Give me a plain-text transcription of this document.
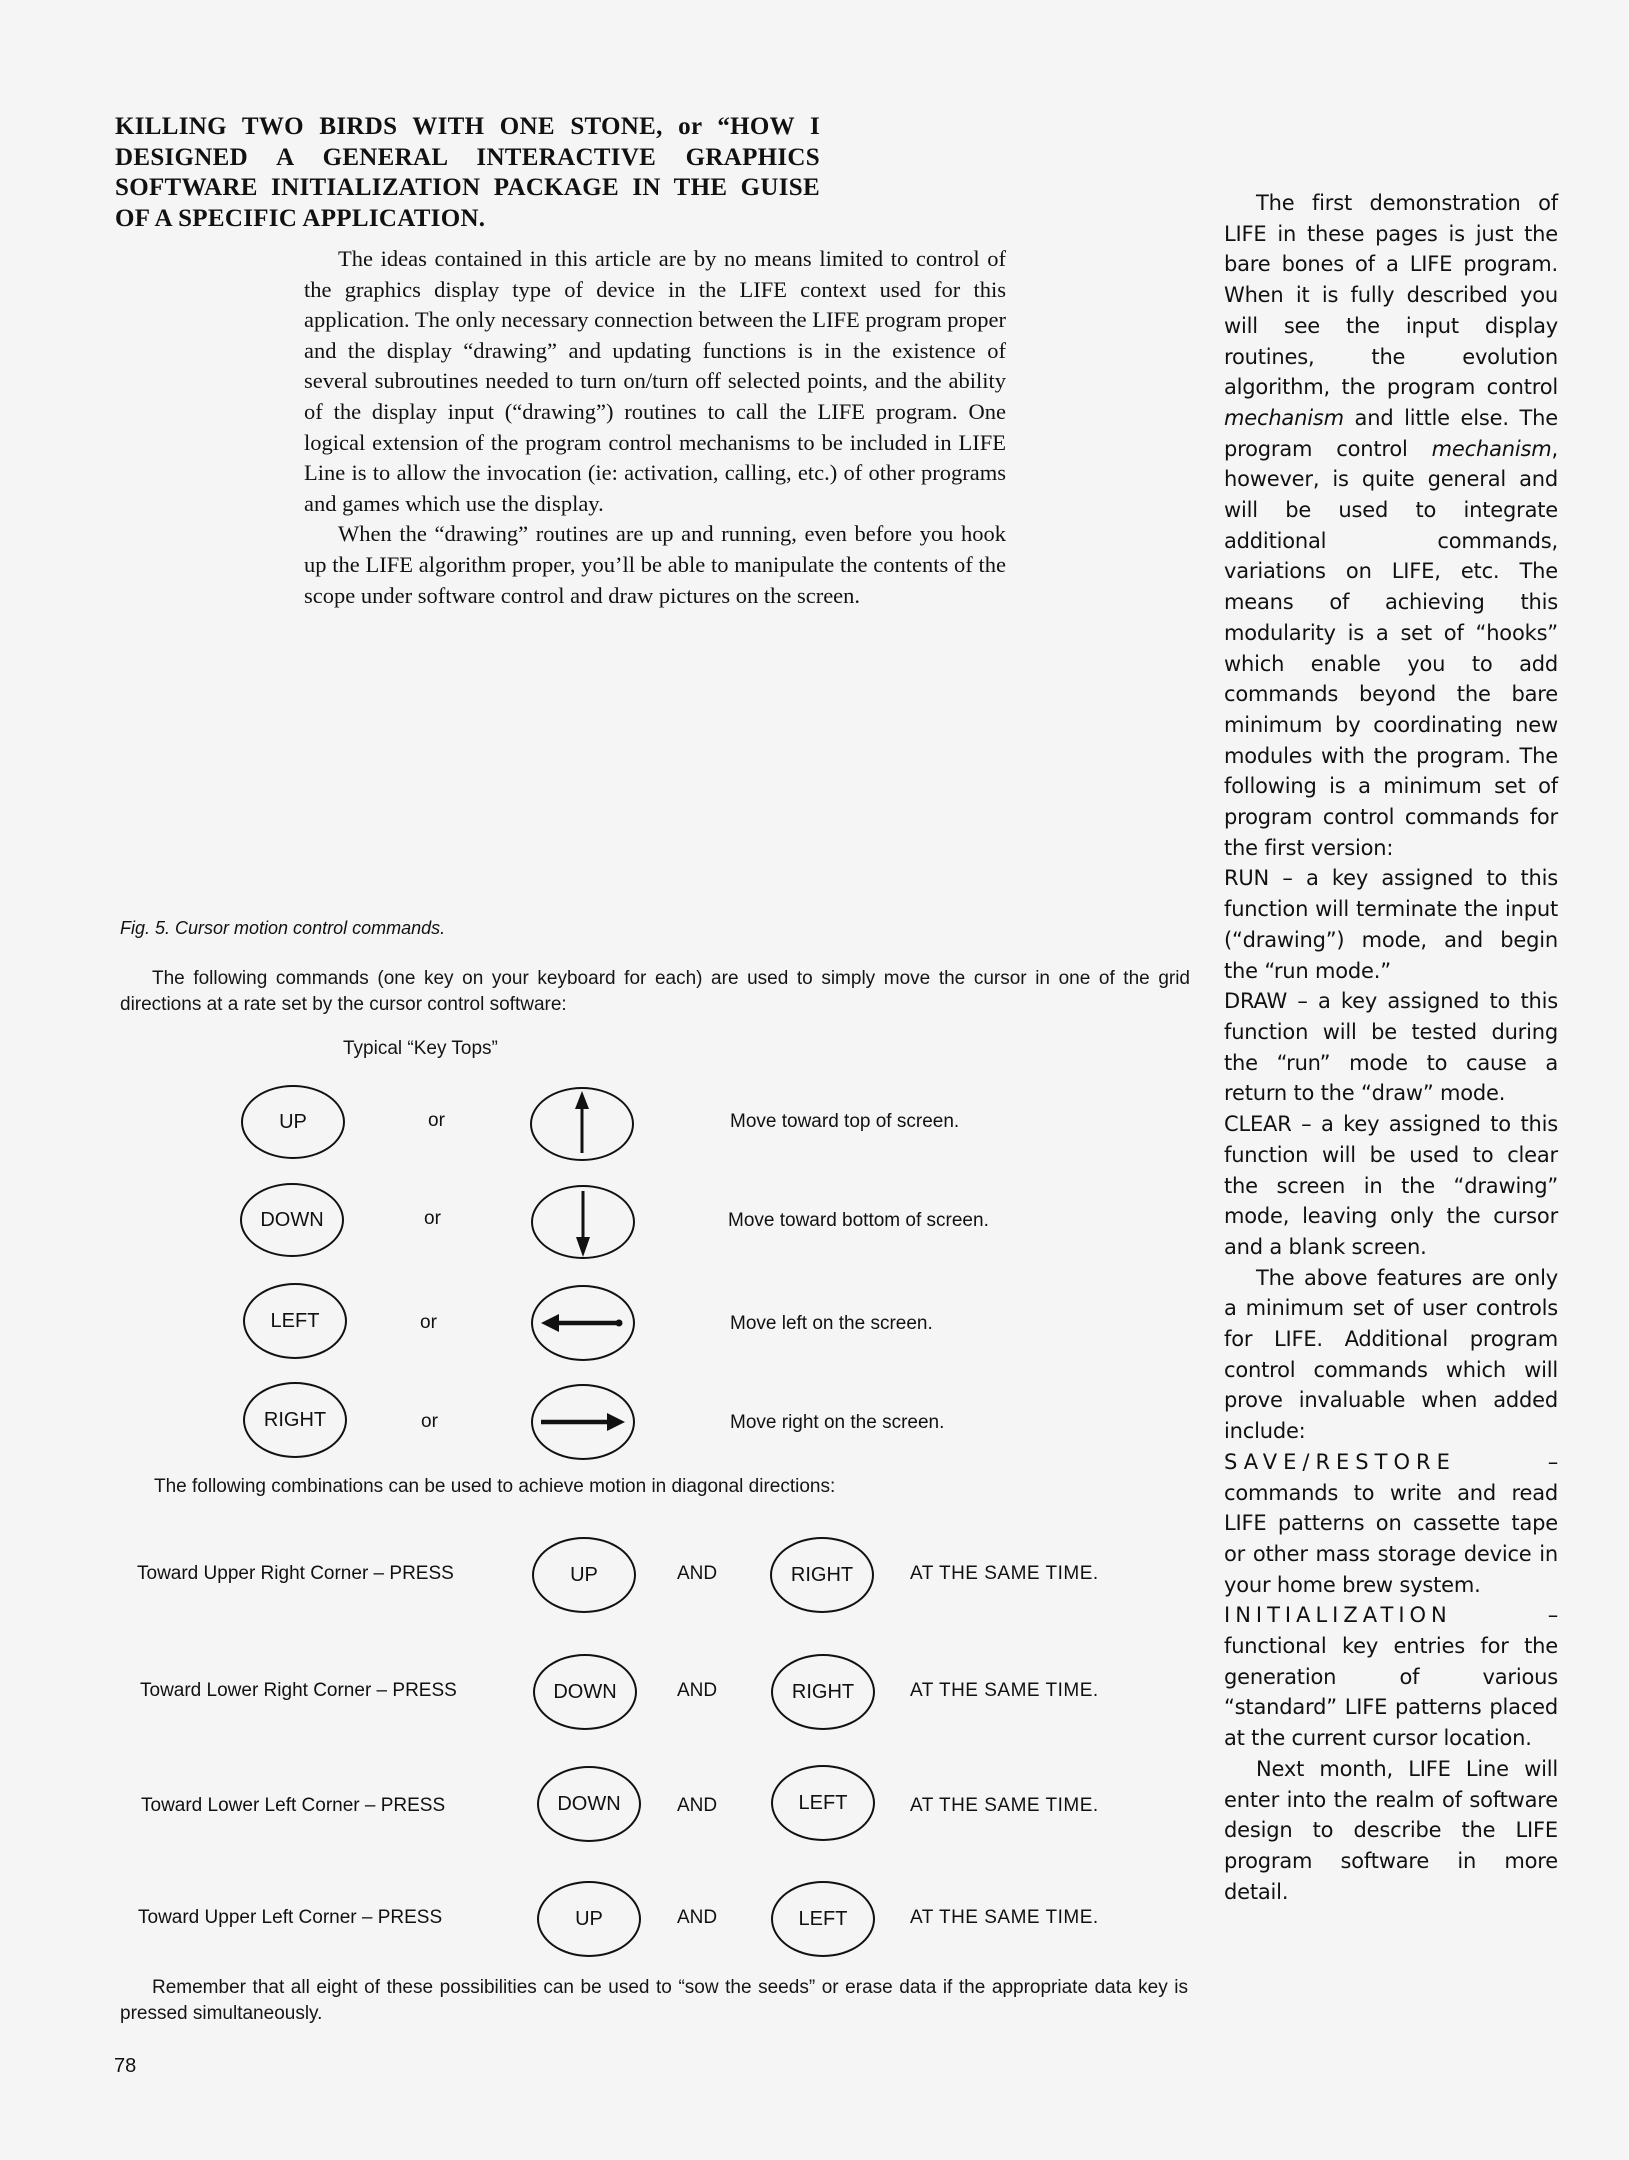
KILLING TWO BIRDS WITH ONE STONE, or “HOW I
DESIGNED A GENERAL INTERACTIVE GRAPHICS
SOFTWARE INITIALIZATION PACKAGE IN THE GUISE
OF A SPECIFIC APPLICATION.

The ideas contained in this article are by no means limited to control of the graphics display type of device in the LIFE context used for this application. The only necessary connection between the LIFE program proper and the display “drawing” and updating functions is in the existence of several subroutines needed to turn on/turn off selected points, and the ability of the display input (“drawing”) routines to call the LIFE program. One logical extension of the program control mechanisms to be included in LIFE Line is to allow the invocation (ie: activation, calling, etc.) of other programs and games which use the display.

When the “drawing” routines are up and running, even before you hook up the LIFE algorithm proper, you’ll be able to manipulate the contents of the scope under software control and draw pictures on the screen.

The first demonstration of LIFE in these pages is just the bare bones of a LIFE program. When it is fully described you will see the input display routines, the evolution algorithm, the program control mechanism and little else. The program control mechanism, however, is quite general and will be used to integrate additional commands, variations on LIFE, etc. The means of achieving this modularity is a set of “hooks” which enable you to add commands beyond the bare minimum by coordinating new modules with the program. The following is a minimum set of program control commands for the first version:

RUN – a key assigned to this function will terminate the input (“drawing”) mode, and begin the “run mode.”

DRAW – a key assigned to this function will be tested during the “run” mode to cause a return to the “draw” mode.

CLEAR – a key assigned to this function will be used to clear the screen in the “drawing” mode, leaving only the cursor and a blank screen.

The above features are only a minimum set of user controls for LIFE. Additional program control commands which will prove invaluable when added include:

SAVE/RESTORE – commands to write and read LIFE patterns on cassette tape or other mass storage device in your home brew system.

INITIALIZATION – functional key entries for the generation of various “standard” LIFE patterns placed at the current cursor location.

Next month, LIFE Line will enter into the realm of software design to describe the LIFE program software in more detail.

Fig. 5. Cursor motion control commands.

The following commands (one key on your keyboard for each) are used to simply move the cursor in one of the grid directions at a rate set by the cursor control software:

Typical “Key Tops”
UP	or	Move toward top of screen.
DOWN	or	Move toward bottom of screen.
LEFT	or	Move left on the screen.
RIGHT	or	Move right on the screen.
The following combinations can be used to achieve motion in diagonal directions:
Toward Upper Right Corner – PRESS	UP	AND	RIGHT	AT THE SAME TIME.
Toward Lower Right Corner – PRESS	DOWN	AND	RIGHT	AT THE SAME TIME.
Toward Lower Left Corner – PRESS	DOWN	AND	LEFT	AT THE SAME TIME.
Toward Upper Left Corner – PRESS	UP	AND	LEFT	AT THE SAME TIME.

Remember that all eight of these possibilities can be used to “sow the seeds” or erase data if the appropriate data key is pressed simultaneously.

78
